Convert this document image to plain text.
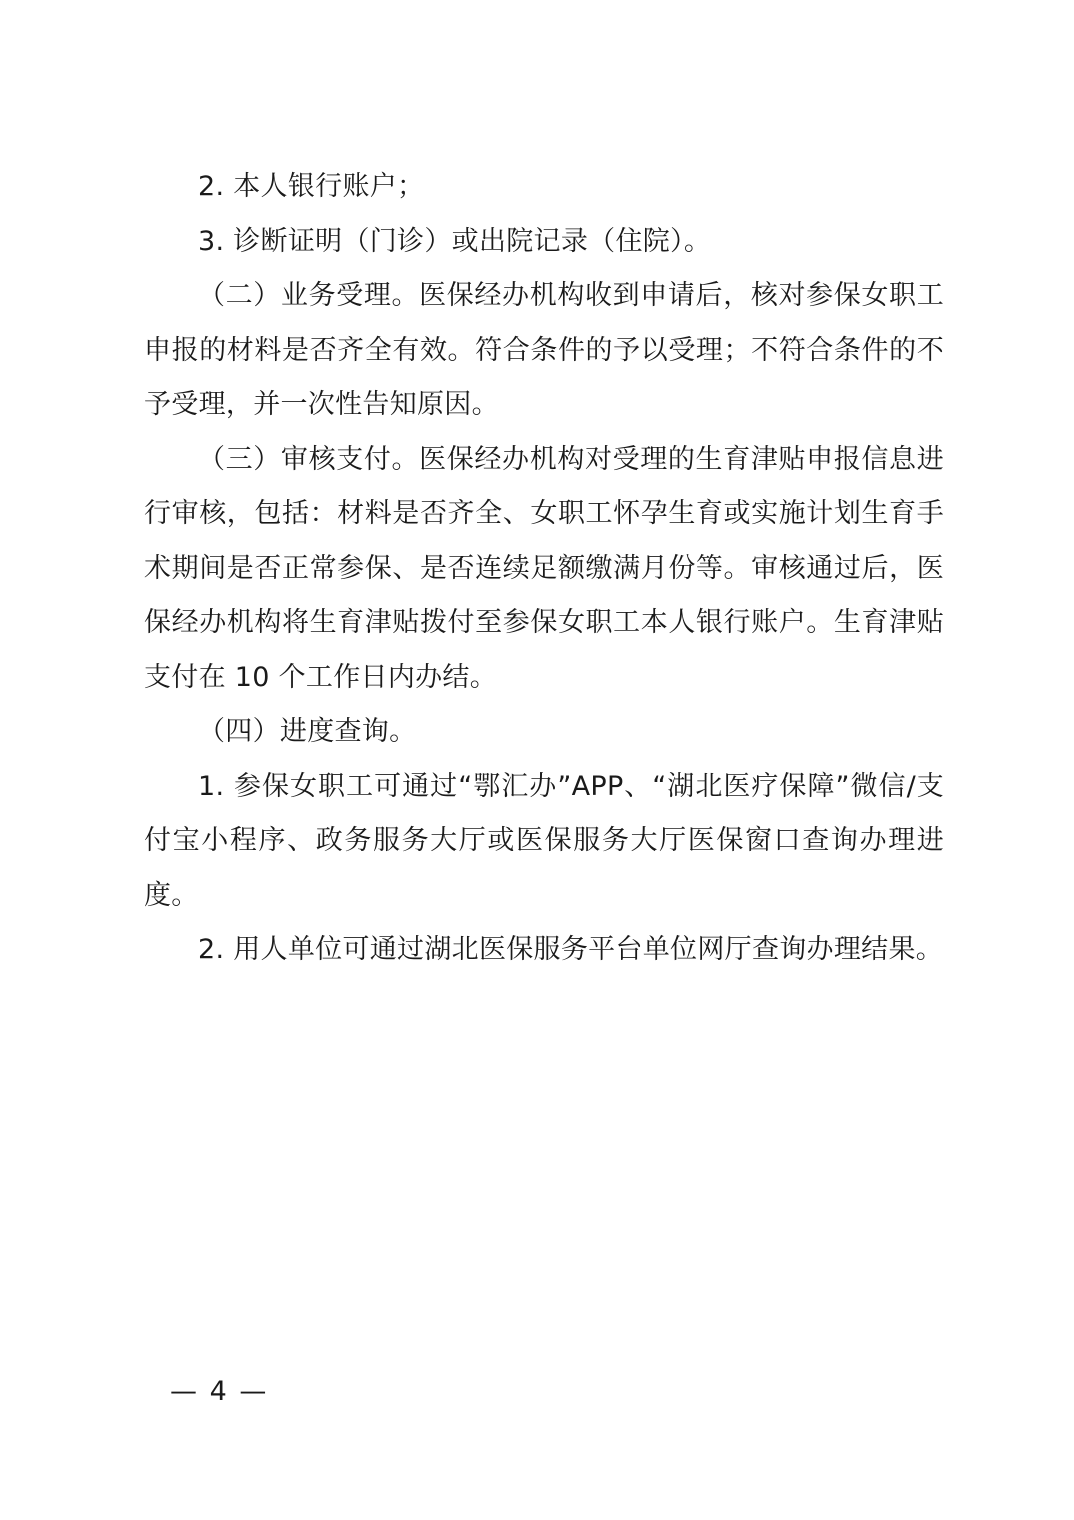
2. 本人银行账户；

3. 诊断证明（门诊）或出院记录（住院）。

（二）业务受理。医保经办机构收到申请后，核对参保女职工申报的材料是否齐全有效。符合条件的予以受理；不符合条件的不予受理，并一次性告知原因。

（三）审核支付。医保经办机构对受理的生育津贴申报信息进行审核，包括：材料是否齐全、女职工怀孕生育或实施计划生育手术期间是否正常参保、是否连续足额缴满月份等。审核通过后，医保经办机构将生育津贴拨付至参保女职工本人银行账户。生育津贴支付在 10 个工作日内办结。

（四）进度查询。

1. 参保女职工可通过“鄂汇办”APP、“湖北医疗保障”微信/支付宝小程序、政务服务大厅或医保服务大厅医保窗口查询办理进度。

2. 用人单位可通过湖北医保服务平台单位网厅查询办理结果。

— 4 —
